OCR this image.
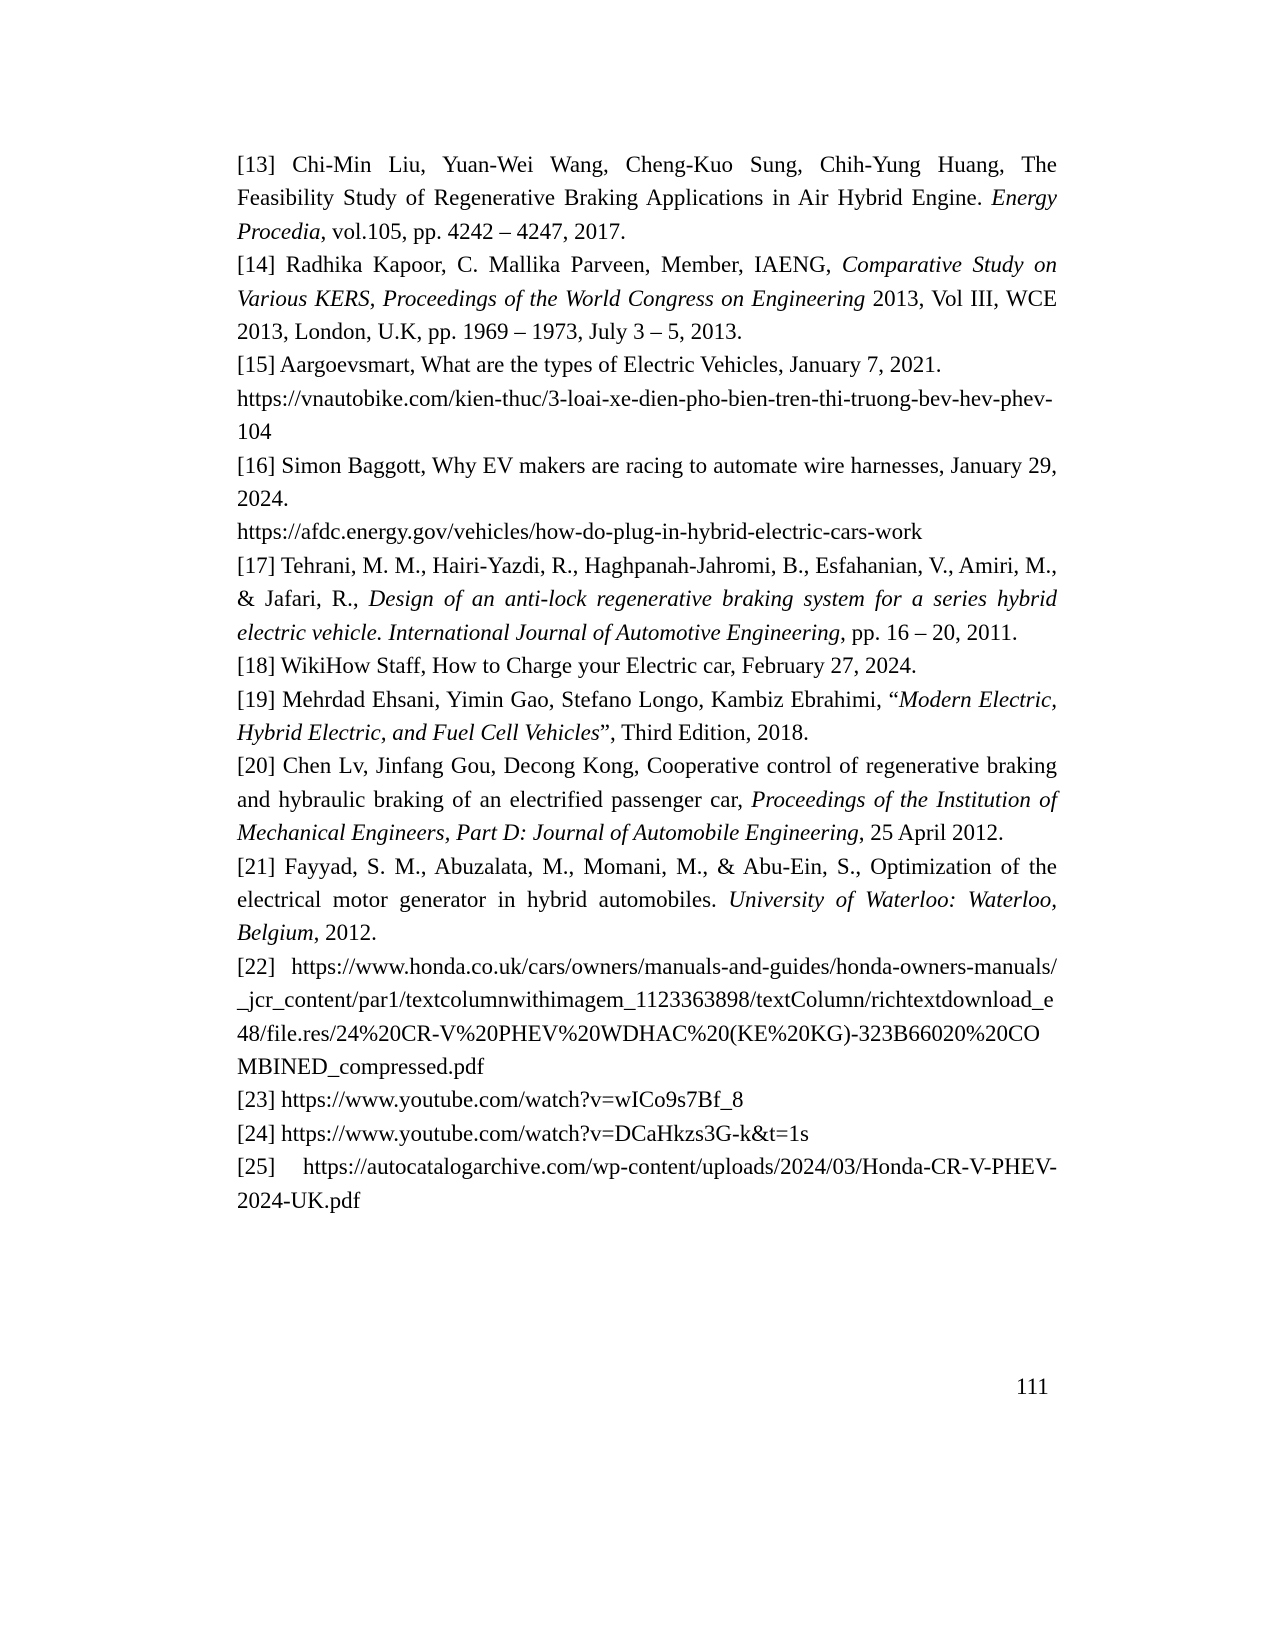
[13] Chi-Min Liu, Yuan-Wei Wang, Cheng-Kuo Sung, Chih-Yung Huang, The Feasibility Study of Regenerative Braking Applications in Air Hybrid Engine. Energy Procedia, vol.105, pp. 4242 – 4247, 2017.

[14] Radhika Kapoor, C. Mallika Parveen, Member, IAENG, Comparative Study on Various KERS, Proceedings of the World Congress on Engineering 2013, Vol III, WCE 2013, London, U.K, pp. 1969 – 1973, July 3 – 5, 2013.

[15] Aargoevsmart, What are the types of Electric Vehicles, January 7, 2021.
https://vnautobike.com/kien-thuc/3-loai-xe-dien-pho-bien-tren-thi-truong-bev-hev-phev-104

[16] Simon Baggott, Why EV makers are racing to automate wire harnesses, January 29, 2024.
https://afdc.energy.gov/vehicles/how-do-plug-in-hybrid-electric-cars-work

[17] Tehrani, M. M., Hairi-Yazdi, R., Haghpanah-Jahromi, B., Esfahanian, V., Amiri, M., & Jafari, R., Design of an anti-lock regenerative braking system for a series hybrid electric vehicle. International Journal of Automotive Engineering, pp. 16 – 20, 2011.

[18] WikiHow Staff, How to Charge your Electric car, February 27, 2024.

[19] Mehrdad Ehsani, Yimin Gao, Stefano Longo, Kambiz Ebrahimi, “Modern Electric, Hybrid Electric, and Fuel Cell Vehicles”, Third Edition, 2018.

[20] Chen Lv, Jinfang Gou, Decong Kong, Cooperative control of regenerative braking and hybraulic braking of an electrified passenger car, Proceedings of the Institution of Mechanical Engineers, Part D: Journal of Automobile Engineering, 25 April 2012.

[21] Fayyad, S. M., Abuzalata, M., Momani, M., & Abu-Ein, S., Optimization of the electrical motor generator in hybrid automobiles. University of Waterloo: Waterloo, Belgium, 2012.

[22] https://www.honda.co.uk/cars/owners/manuals-and-guides/honda-owners-manuals/_jcr_content/par1/textcolumnwithimagem_1123363898/textColumn/richtextdownload_e48/file.res/24%20CR-V%20PHEV%20WDHAC%20(KE%20KG)-323B66020%20COMBINED_compressed.pdf

[23] https://www.youtube.com/watch?v=wICo9s7Bf_8

[24] https://www.youtube.com/watch?v=DCaHkzs3G-k&t=1s

[25] https://autocatalogarchive.com/wp-content/uploads/2024/03/Honda-CR-V-PHEV-2024-UK.pdf

111
